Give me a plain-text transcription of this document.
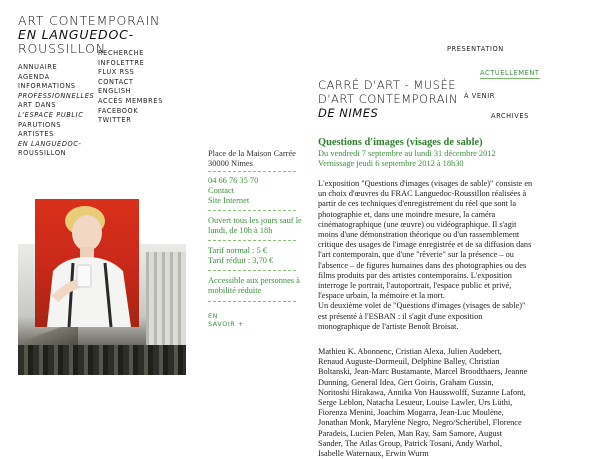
ART CONTEMPORAIN
EN LANGUEDOC-
ROUSSILLON
ANNUAIRE
AGENDA
INFORMATIONS
PROFESSIONNELLES
ART DANS
L'ESPACE PUBLIC
PARUTIONS
ARTISTES
EN LANGUEDOC-
ROUSSILLON
RECHERCHE
INFOLETTRE
FLUX RSS
CONTACT
ENGLISH
ACCÈS MEMBRES
FACEBOOK
TWITTER
PRÉSENTATION
ACTUELLEMENT
À VENIR
ARCHIVES
CARRÉ D'ART - MUSÉE
D'ART CONTEMPORAIN
DE NIMES
Place de la Maison Carrée
30000 Nimes
04 66 76 35 70
Contact
Site Internet
Ouvert tous les jours sauf le
lundi, de 10h à 18h
Tarif normal : 5 €
Tarif réduit : 3,70 €
Accessible aux personnes à
mobilité réduite
EN
SAVOIR +
Questions d'images (visages de sable)
Du vendredi 7 septembre au lundi 31 décembre 2012
Vernissage jeudi 6 septembre 2012 à 18h30
L'exposition "Questions d'images (visages de sable)" consiste en
un choix d'œuvres du FRAC Languedoc-Roussillon réalisées à
partir de ces techniques d'enregistrement du réel que sont la
photographie et, dans une moindre mesure, la caméra
cinématographique (une œuvre) ou vidéographique. Il s'agit
moins d'une démonstration théorique ou d'un rassemblement
critique des usages de l'image enregistrée et de sa diffusion dans
l'art contemporain, que d'une "rêverie" sur la présence – ou
l'absence – de figures humaines dans des photographies ou des
films produits par des artistes contemporains. L'exposition
interroge le portrait, l'autoportrait, l'espace public et privé,
l'espace urbain, la mémoire et la mort.
Un deuxième volet de "Questions d'images (visages de sable)"
est présenté à l'ESBAN : il s'agit d'une exposition
monographique de l'artiste Benoît Broisat.
Mathieu K. Abonnenc, Cristian Alexa, Julien Audebert,
Renaud Auguste-Dormeuil, Delphine Balley, Christian
Boltanski, Jean-Marc Bustamante, Marcel Broodthaers, Jeanne
Dunning, General Idea, Gert Goiris, Graham Gussin,
Noritoshi Hirakawa, Annika Von Hausswolff, Suzanne Lafont,
Serge Leblon, Natacha Lesueur, Louise Lawler, Urs Lüthi,
Fiorenza Menini, Joachim Mogarra, Jean-Luc Moulène,
Jonathan Monk, Marylène Negro, Negro/Scherübel, Florence
Paradeis, Lucien Pelen, Man Ray, Sam Samore, August
Sander, The Atlas Group, Patrick Tosani, Andy Warhol,
Isabelle Waternaux, Erwin Wurm
